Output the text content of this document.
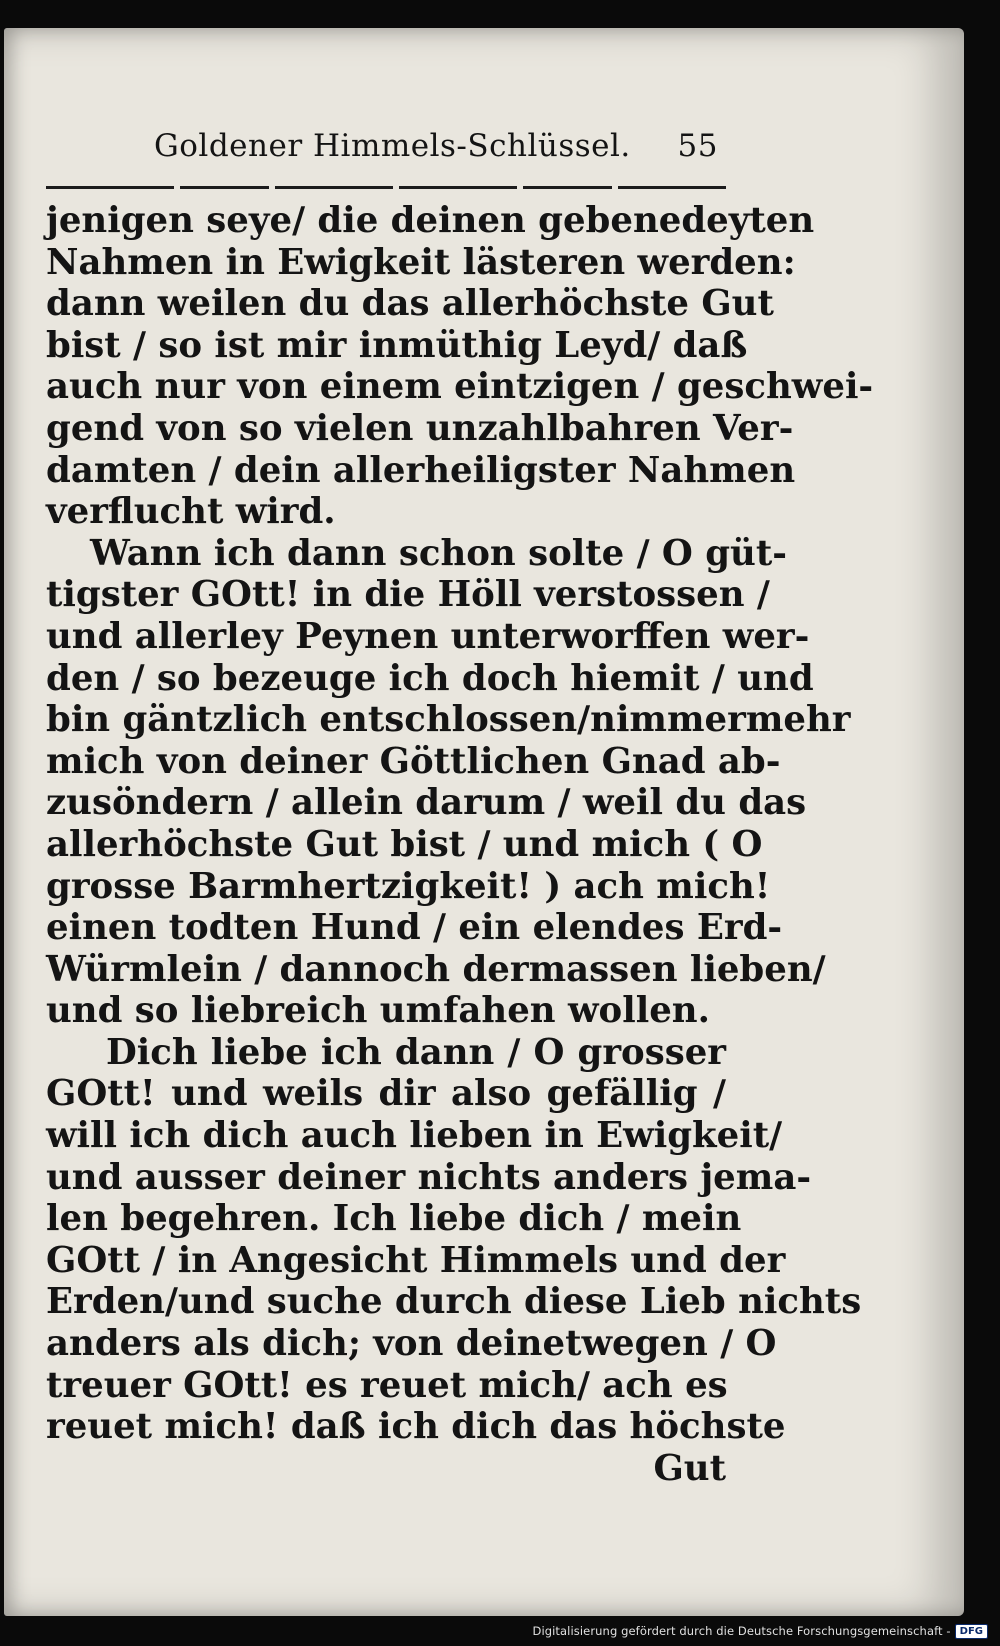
Goldener Himmels-Schlüssel.	55

jenigen seye/ die deinen gebenedeyten
Nahmen in Ewigkeit lästeren werden:
dann weilen du das allerhöchste Gut
bist / so ist mir inmüthig Leyd/ daß
auch nur von einem eintzigen / geschwei-
gend von so vielen unzahlbahren Ver-
damten / dein allerheiligster Nahmen
verflucht wird.

Wann ich dann schon solte / O güt-
tigster GOtt! in die Höll verstossen /
und allerley Peynen unterworffen wer-
den / so bezeuge ich doch hiemit / und
bin gäntzlich entschlossen/nimmermehr
mich von deiner Göttlichen Gnad ab-
zusöndern / allein darum / weil du das
allerhöchste Gut bist / und mich ( O
grosse Barmhertzigkeit! ) ach mich!
einen todten Hund / ein elendes Erd-
Würmlein / dannoch dermassen lieben/
und so liebreich umfahen wollen.

Dich liebe ich dann / O grosser
GOtt! und weils dir also gefällig /
will ich dich auch lieben in Ewigkeit/
und ausser deiner nichts anders jema-
len begehren. Ich liebe dich / mein
GOtt / in Angesicht Himmels und der
Erden/und suche durch diese Lieb nichts
anders als dich; von deinetwegen / O
treuer GOtt! es reuet mich/ ach es
reuet mich! daß ich dich das höchste

Gut
Digitalisierung gefördert durch die Deutsche Forschungsgemeinschaft - DFG
